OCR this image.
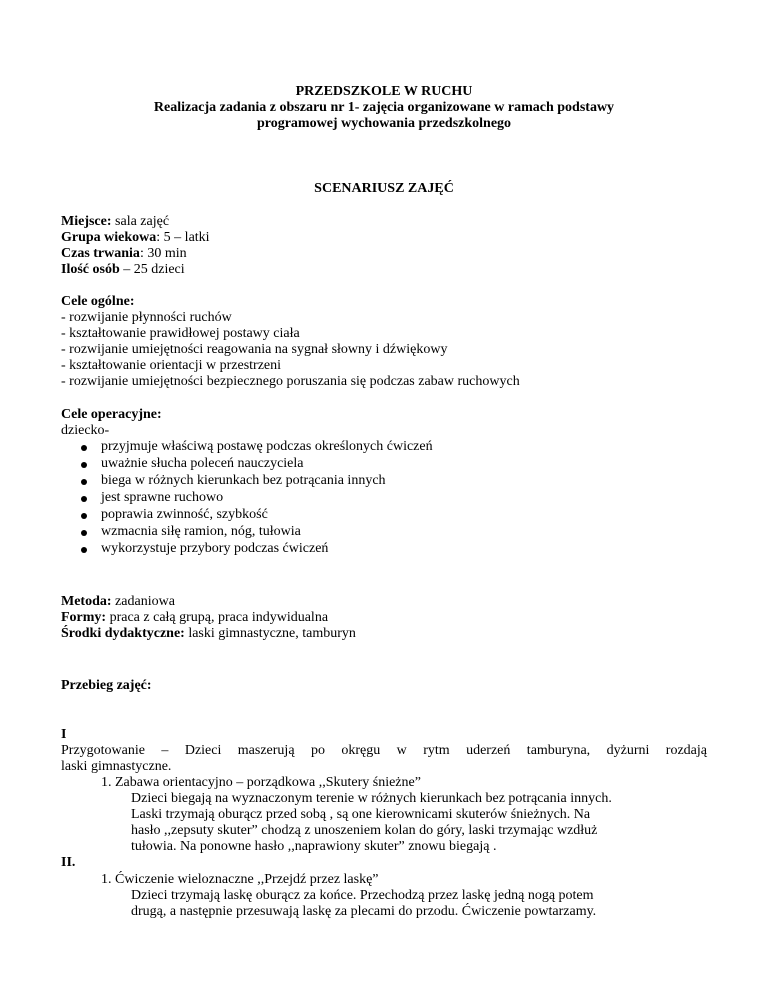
PRZEDSZKOLE W RUCHU
Realizacja zadania z obszaru nr 1- zajęcia organizowane w ramach podstawy
programowej wychowania przedszkolnego
SCENARIUSZ ZAJĘĆ
Miejsce: sala zajęć
Grupa wiekowa: 5 – latki
Czas trwania: 30 min
Ilość osób – 25 dzieci
Cele ogólne:
- rozwijanie płynności ruchów
- kształtowanie prawidłowej postawy ciała
- rozwijanie umiejętności reagowania na sygnał słowny i dźwiękowy
- kształtowanie orientacji w przestrzeni
- rozwijanie umiejętności bezpiecznego poruszania się podczas zabaw ruchowych
Cele operacyjne:
dziecko-
przyjmuje właściwą postawę podczas określonych ćwiczeń
uważnie słucha poleceń nauczyciela
biega w różnych kierunkach bez potrącania innych
jest sprawne ruchowo
poprawia zwinność, szybkość
wzmacnia siłę ramion, nóg, tułowia
wykorzystuje przybory podczas ćwiczeń
Metoda: zadaniowa
Formy: praca z całą grupą, praca indywidualna
Środki dydaktyczne: laski gimnastyczne, tamburyn
Przebieg zajęć:
I
Przygotowanie – Dzieci maszerują po okręgu w rytm uderzeń tamburyna, dyżurni rozdają
laski gimnastyczne.
1. Zabawa orientacyjno – porządkowa ,,Skutery śnieżne”
Dzieci biegają na wyznaczonym terenie w różnych kierunkach bez potrącania innych.
Laski trzymają oburącz przed sobą , są one kierownicami skuterów śnieżnych. Na
hasło ,,zepsuty skuter” chodzą z unoszeniem kolan do góry, laski trzymając wzdłuż
tułowia. Na ponowne hasło ,,naprawiony skuter” znowu biegają .
II.
1. Ćwiczenie wieloznaczne ,,Przejdź przez laskę”
Dzieci trzymają laskę oburącz za końce. Przechodzą przez laskę jedną nogą potem
drugą, a następnie przesuwają laskę za plecami do przodu. Ćwiczenie powtarzamy.
